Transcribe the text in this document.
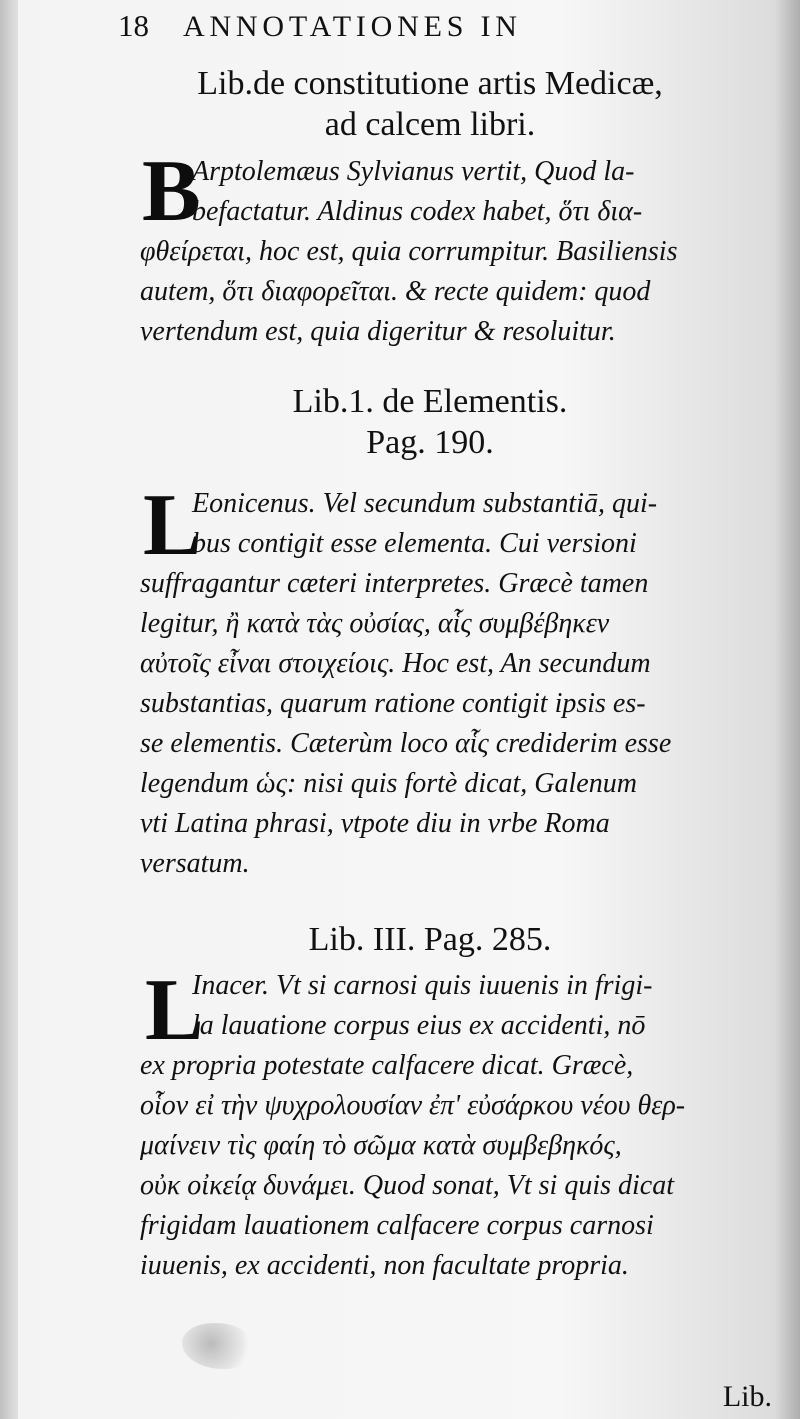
18 ANNOTATIONES IN
Lib.de constitutione artis Medicæ,
ad calcem libri.
B
Arptolemæus Sylvianus vertit, Quod la-
befactatur. Aldinus codex habet, ὅτι δια-
φθείρεται, hoc est, quia corrumpitur. Basiliensis
autem, ὅτι διαφορεῖται. & recte quidem: quod
vertendum est, quia digeritur & resoluitur.
Lib.1. de Elementis.
Pag. 190.
L
Eonicenus. Vel secundum substantiā, qui-
bus contigit esse elementa. Cui versioni
suffragantur cæteri interpretes. Græcè tamen
legitur, ἢ κατὰ τὰς οὐσίας, αἷς συμβέβηκεν
αὐτοῖς εἶναι στοιχείοις. Hoc est, An secundum
substantias, quarum ratione contigit ipsis es-
se elementis. Cæterùm loco αἷς crediderim esse
legendum ὡς: nisi quis fortè dicat, Galenum
vti Latina phrasi, vtpote diu in vrbe Roma
versatum.
Lib. III. Pag. 285.
L
Inacer. Vt si carnosi quis iuuenis in frigi-
la lauatione corpus eius ex accidenti, nō
ex propria potestate calfacere dicat. Græcè,
οἷον εἰ τὴν ψυχρολουσίαν ἐπ' εὐσάρκου νέου θερ-
μαίνειν τὶς φαίη τὸ σῶμα κατὰ συμβεβηκός,
οὐκ οἰκείᾳ δυνάμει. Quod sonat, Vt si quis dicat
frigidam lauationem calfacere corpus carnosi
iuuenis, ex accidenti, non facultate propria.
Lib.
